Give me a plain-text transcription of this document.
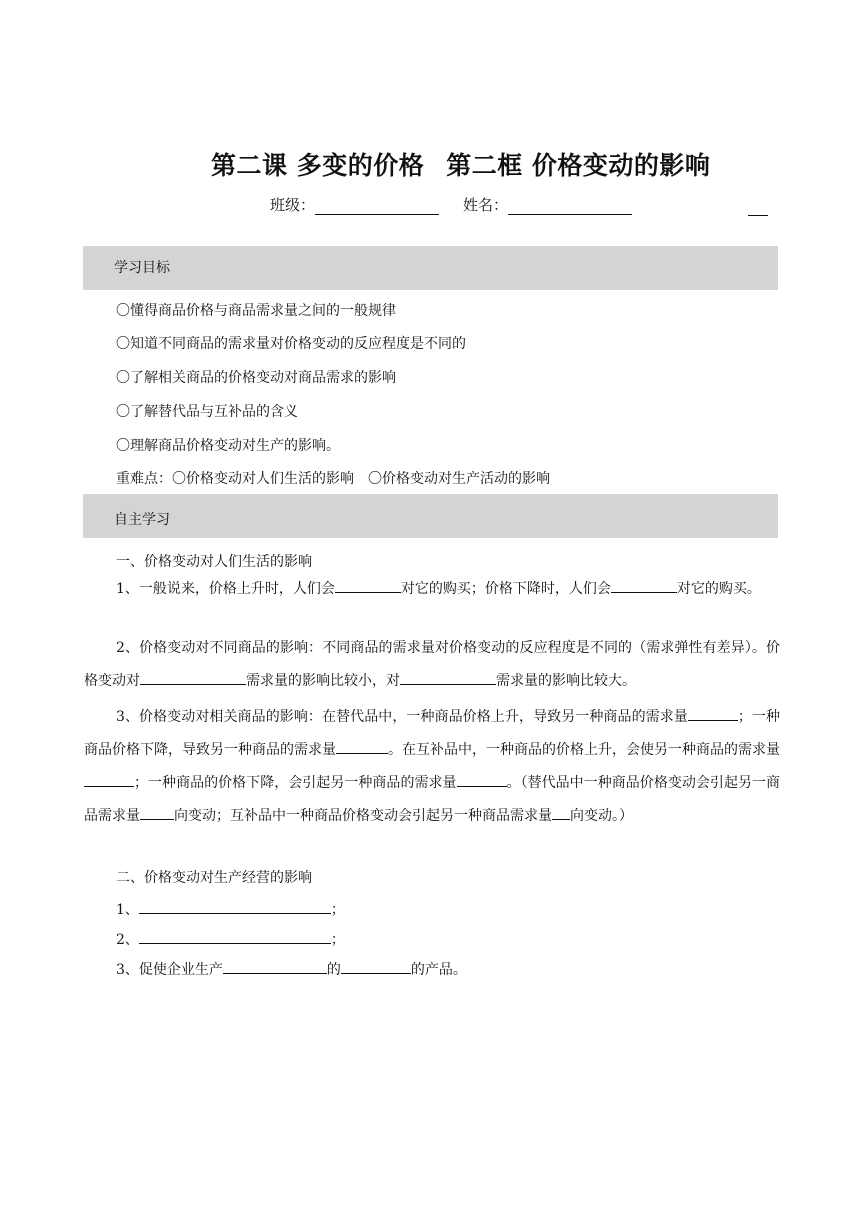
第二课 多变的价格 第二框 价格变动的影响
班级：	姓名：
学习目标
〇懂得商品价格与商品需求量之间的一般规律
〇知道不同商品的需求量对价格变动的反应程度是不同的
〇了解相关商品的价格变动对商品需求的影响
〇了解替代品与互补品的含义
〇理解商品价格变动对生产的影响。
重难点：〇价格变动对人们生活的影响　〇价格变动对生产活动的影响
自主学习
一、价格变动对人们生活的影响
1、一般说来，价格上升时，人们会	对它的购买；价格下降时，人们会	对它的购买。
2、价格变动对不同商品的影响：不同商品的需求量对价格变动的反应程度是不同的（需求弹性有差异）。价格变动对	需求量的影响比较小，对	需求量的影响比较大。
3、价格变动对相关商品的影响：在替代品中，一种商品价格上升，导致另一种商品的需求量	；一种商品价格下降，导致另一种商品的需求量	。在互补品中，一种商品的价格上升，会使另一种商品的需求量；一种商品的价格下降，会引起另一种商品的需求量	。（替代品中一种商品价格变动会引起另一商品需求量 向变动；互补品中一种商品价格变动会引起另一种商品需求量 向变动。）
二、价格变动对生产经营的影响
1、	；
2、	；
3、促使企业生产	的	的产品。
